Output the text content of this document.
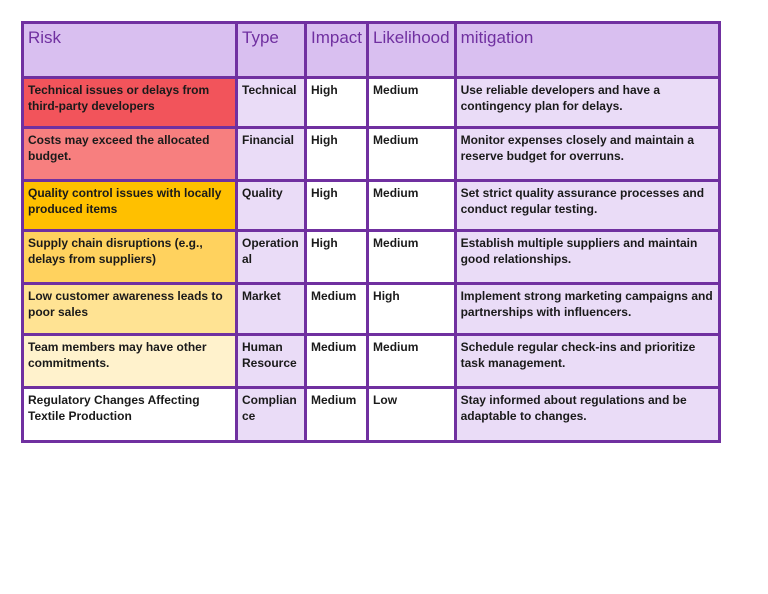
Risk	Type	Impact	Likelihood	mitigation
Technical issues or delays from third-party developers	Technical	High	Medium	Use reliable developers and have a contingency plan for delays.
Costs may exceed the allocated budget.	Financial	High	Medium	Monitor expenses closely and maintain a reserve budget for overruns.
Quality control issues with locally produced items	Quality	High	Medium	Set strict quality assurance processes and conduct regular testing.
Supply chain disruptions (e.g., delays from suppliers)	Operational	High	Medium	Establish multiple suppliers and maintain good relationships.
Low customer awareness leads to poor sales	Market	Medium	High	Implement strong marketing campaigns and partnerships with influencers.
Team members may have other commitments.	Human Resource	Medium	Medium	Schedule regular check-ins and prioritize task management.
Regulatory Changes Affecting Textile Production	Compliance	Medium	Low	Stay informed about regulations and be adaptable to changes.
